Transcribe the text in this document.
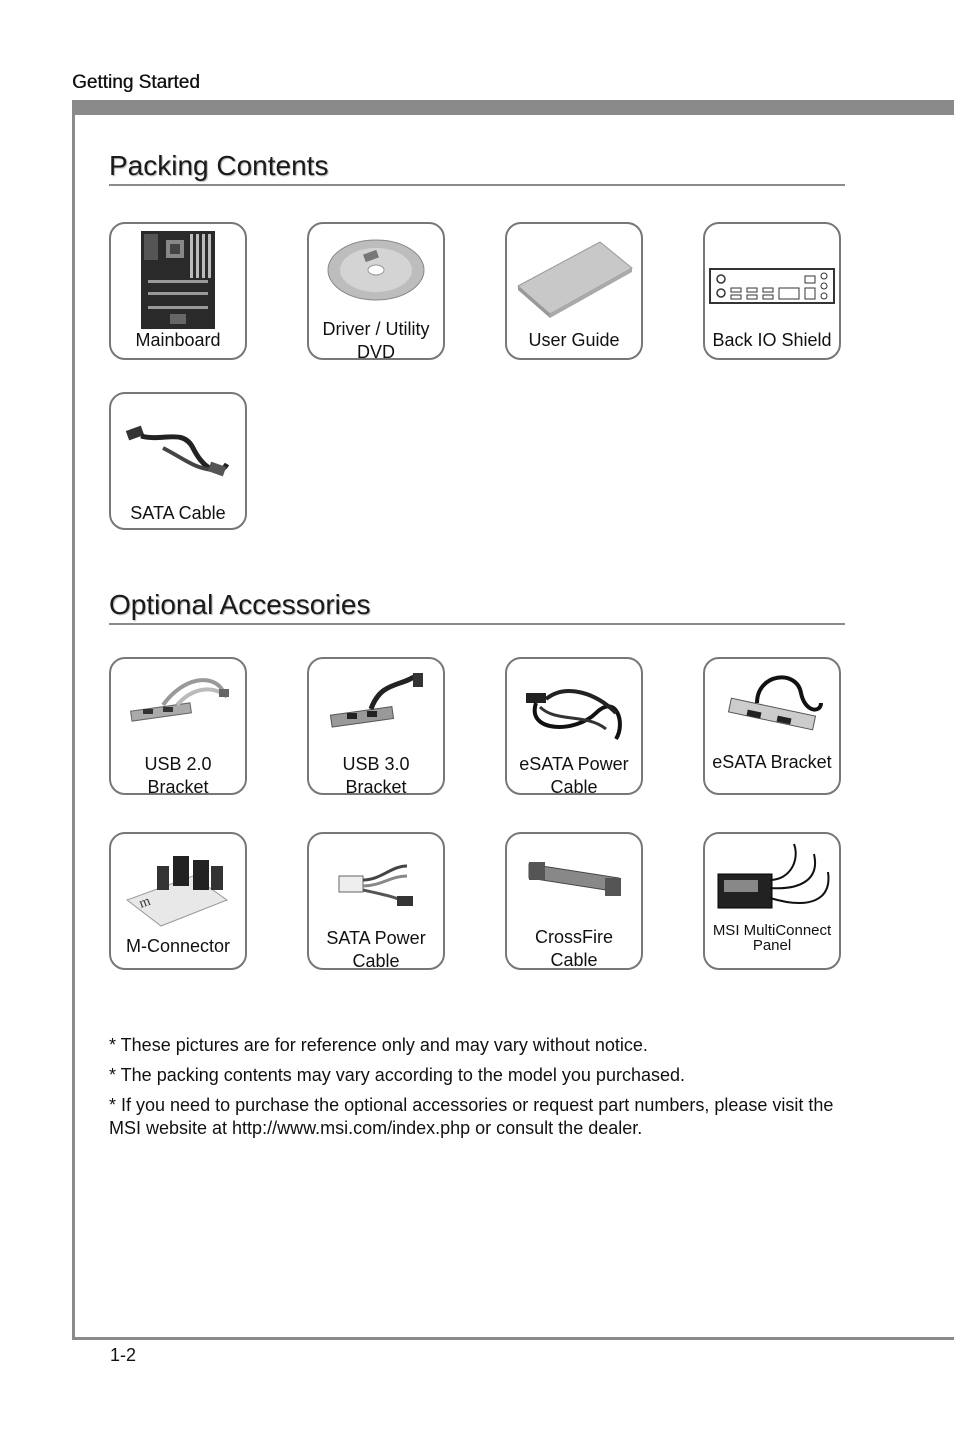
Getting Started
Packing Contents
Mainboard
Driver / Utility DVD
User Guide	Back IO Shield
SATA Cable
Optional Accessories
USB 2.0 Bracket
USB 3.0 Bracket
eSATA Power Cable
eSATA Bracket
m
M-Connector	SATA Power Cable
CrossFire Cable
MSI MultiConnect Panel
* These pictures are for reference only and may vary without notice.
* The packing contents may vary according to the model you purchased.
* If you need to purchase the optional accessories or request part numbers, please visit the MSI website at http://www.msi.com/index.php or consult the dealer.
1-2
